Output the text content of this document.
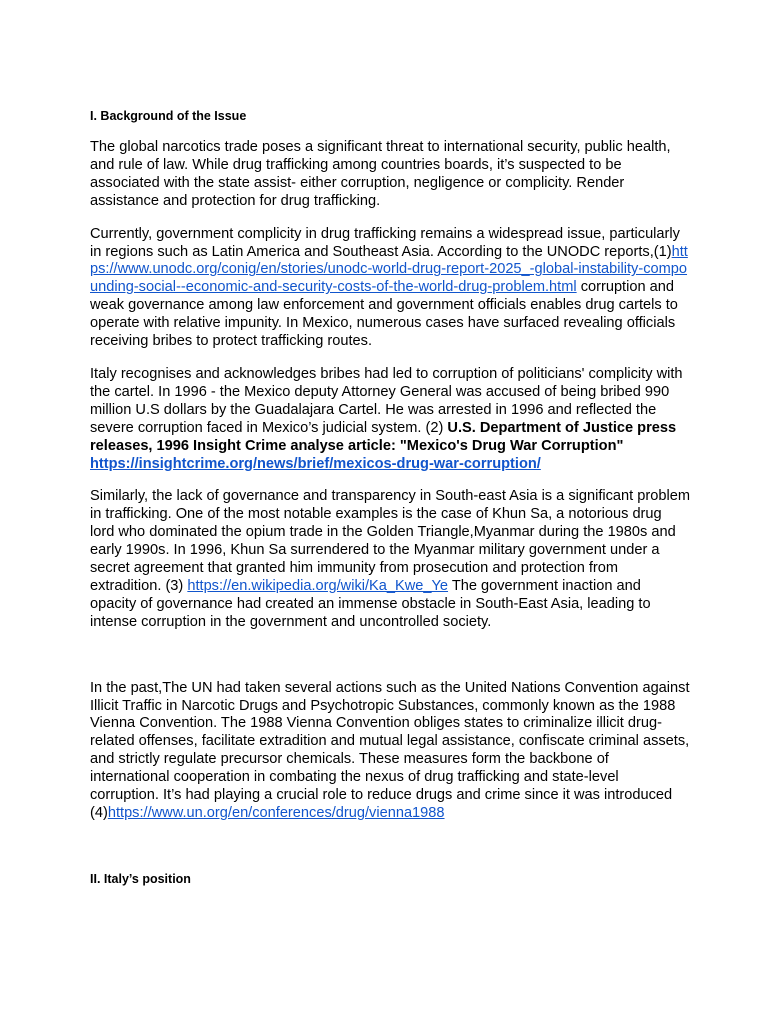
I. Background of the Issue

The global narcotics trade poses a significant threat to international security, public health, and rule of law. While drug trafficking among countries boards, it’s suspected to be associated with the state assist- either corruption, negligence or complicity. Render assistance and protection for drug trafficking.

Currently, government complicity in drug trafficking remains a widespread issue, particularly in regions such as Latin America and Southeast Asia. According to the UNODC reports,(1)https://www.unodc.org/conig/en/stories/unodc-world-drug-report-2025_-global-instability-compounding-social--economic-and-security-costs-of-the-world-drug-problem.html corruption and weak governance among law enforcement and government officials enables drug cartels to operate with relative impunity. In Mexico, numerous cases have surfaced revealing officials receiving bribes to protect trafficking routes.

Italy recognises and acknowledges bribes had led to corruption of politicians' complicity with the cartel. In 1996 - the Mexico deputy Attorney General was accused of being bribed 990 million U.S dollars by the Guadalajara Cartel. He was arrested in 1996 and reflected the severe corruption faced in Mexico’s judicial system. (2) U.S. Department of Justice press releases, 1996 Insight Crime analyse article: "Mexico's Drug War Corruption" https://insightcrime.org/news/brief/mexicos-drug-war-corruption/

Similarly, the lack of governance and transparency in South-east Asia is a significant problem in trafficking. One of the most notable examples is the case of Khun Sa, a notorious drug lord who dominated the opium trade in the Golden Triangle,Myanmar during the 1980s and early 1990s. In 1996, Khun Sa surrendered to the Myanmar military government under a secret agreement that granted him immunity from prosecution and protection from extradition. (3) https://en.wikipedia.org/wiki/Ka_Kwe_Ye The government inaction and opacity of governance had created an immense obstacle in South-East Asia, leading to intense corruption in the government and uncontrolled society.

In the past,The UN had taken several actions such as the United Nations Convention against Illicit Traffic in Narcotic Drugs and Psychotropic Substances, commonly known as the 1988 Vienna Convention. The 1988 Vienna Convention obliges states to criminalize illicit drug-related offenses, facilitate extradition and mutual legal assistance, confiscate criminal assets, and strictly regulate precursor chemicals. These measures form the backbone of international cooperation in combating the nexus of drug trafficking and state-level corruption. It’s had playing a crucial role to reduce drugs and crime since it was introduced (4)https://www.un.org/en/conferences/drug/vienna1988

II. Italy’s position
